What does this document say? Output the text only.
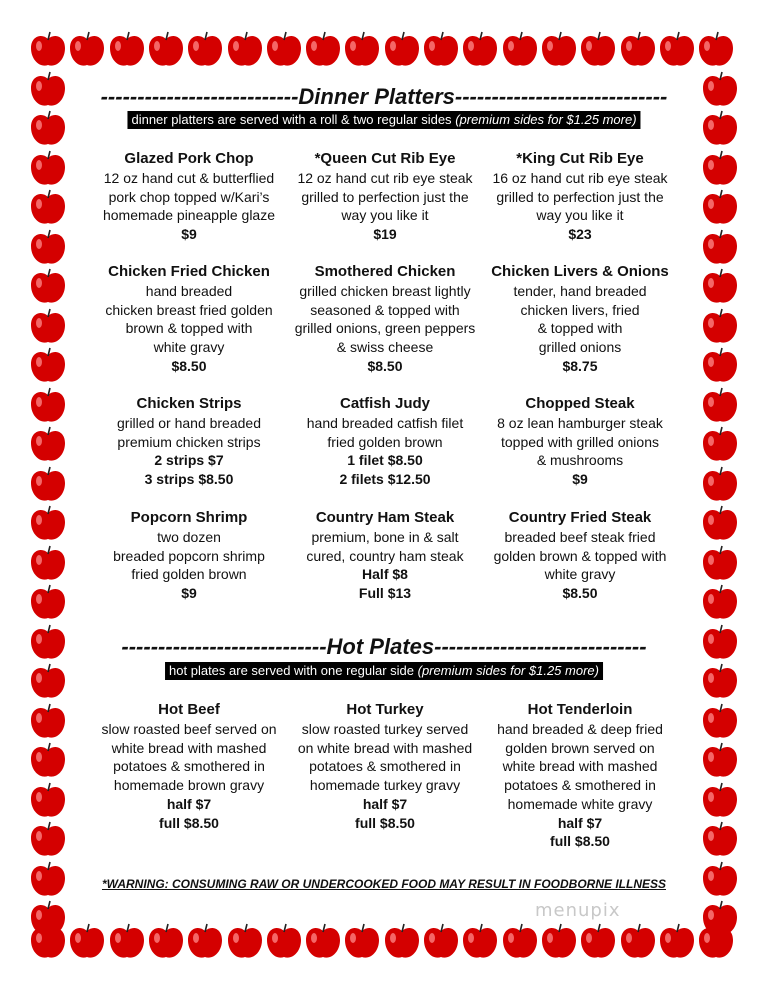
---------------------------Dinner Platters-----------------------------
dinner platters are served with a roll & two regular sides (premium sides for $1.25 more)
----------------------------Hot Plates-----------------------------
hot plates are served with one regular side (premium sides for $1.25 more)
Glazed Pork Chop
12 oz hand cut & butterflied
pork chop topped w/Kari’s
homemade pineapple glaze
$9
*Queen Cut Rib Eye
12 oz hand cut rib eye steak
grilled to perfection just the
way you like it
$19
*King Cut Rib Eye
16 oz hand cut rib eye steak
grilled to perfection just the
way you like it
$23
Chicken Fried Chicken
hand breaded
chicken breast fried golden
brown & topped with
white gravy
$8.50
Smothered Chicken
grilled chicken breast lightly
seasoned & topped with
grilled onions, green peppers
& swiss cheese
$8.50
Chicken Livers & Onions
tender, hand breaded
chicken livers, fried
& topped with
grilled onions
$8.75
Chicken Strips
grilled or hand breaded
premium chicken strips
2 strips $7
3 strips $8.50
Catfish Judy
hand breaded catfish filet
fried golden brown
1 filet $8.50
2 filets $12.50
Chopped Steak
8 oz lean hamburger steak
topped with grilled onions
& mushrooms
$9
Popcorn Shrimp
two dozen
breaded popcorn shrimp
fried golden brown
$9
Country Ham Steak
premium, bone in & salt
cured, country ham steak
Half $8
Full $13
Country Fried Steak
breaded beef steak fried
golden brown & topped with
white gravy
$8.50
Hot Beef
slow roasted beef served on
white bread with mashed
potatoes & smothered in
homemade brown gravy
half $7
full $8.50
Hot Turkey
slow roasted turkey served
on white bread with mashed
potatoes & smothered in
homemade turkey gravy
half $7
full $8.50
Hot Tenderloin
hand breaded & deep fried
golden brown served on
white bread with mashed
potatoes & smothered in
homemade white gravy
half $7
full $8.50
*WARNING: CONSUMING RAW OR UNDERCOOKED FOOD MAY RESULT IN FOODBORNE ILLNESS
menupix
